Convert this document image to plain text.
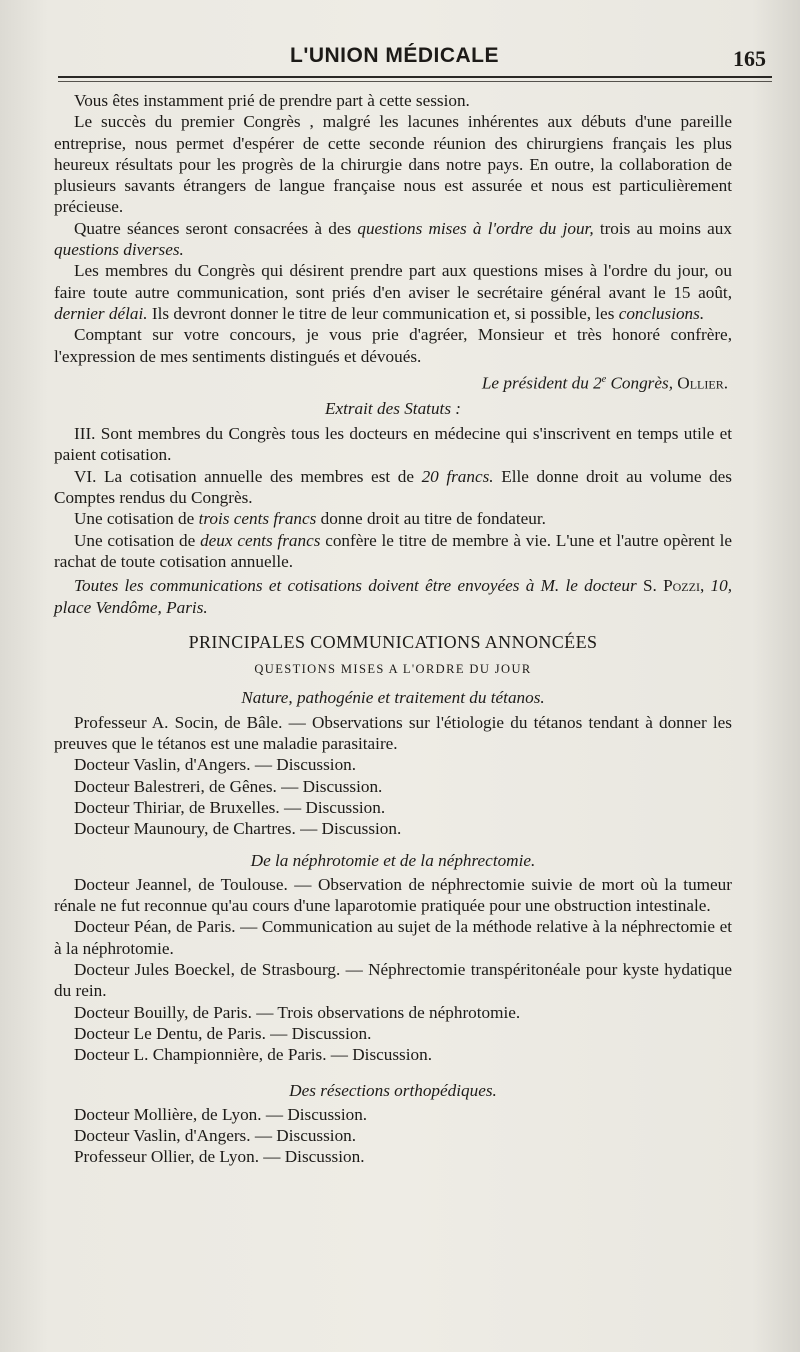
L'UNION MÉDICALE	165

Vous êtes instamment prié de prendre part à cette session.

Le succès du premier Congrès , malgré les lacunes inhérentes aux débuts d'une pareille entreprise, nous permet d'espérer de cette seconde réunion des chirurgiens français les plus heureux résultats pour les progrès de la chirurgie dans notre pays. En outre, la collaboration de plusieurs savants étrangers de langue française nous est assurée et nous est particulièrement précieuse.

Quatre séances seront consacrées à des questions mises à l'ordre du jour, trois au moins aux questions diverses.

Les membres du Congrès qui désirent prendre part aux questions mises à l'ordre du jour, ou faire toute autre communication, sont priés d'en aviser le secrétaire général avant le 15 août, dernier délai. Ils devront donner le titre de leur communication et, si possible, les conclusions.

Comptant sur votre concours, je vous prie d'agréer, Monsieur et très honoré confrère, l'expression de mes sentiments distingués et dévoués.

Le président du 2e Congrès, Ollier.

Extrait des Statuts :

III. Sont membres du Congrès tous les docteurs en médecine qui s'inscrivent en temps utile et paient cotisation.

VI. La cotisation annuelle des membres est de 20 francs. Elle donne droit au volume des Comptes rendus du Congrès.

Une cotisation de trois cents francs donne droit au titre de fondateur.

Une cotisation de deux cents francs confère le titre de membre à vie. L'une et l'autre opèrent le rachat de toute cotisation annuelle.

Toutes les communications et cotisations doivent être envoyées à M. le docteur S. Pozzi, 10, place Vendôme, Paris.

PRINCIPALES COMMUNICATIONS ANNONCÉES

QUESTIONS MISES A L'ORDRE DU JOUR

Nature, pathogénie et traitement du tétanos.

Professeur A. Socin, de Bâle. — Observations sur l'étiologie du tétanos tendant à donner les preuves que le tétanos est une maladie parasitaire.

Docteur Vaslin, d'Angers. — Discussion.

Docteur Balestreri, de Gênes. — Discussion.

Docteur Thiriar, de Bruxelles. — Discussion.

Docteur Maunoury, de Chartres. — Discussion.

De la néphrotomie et de la néphrectomie.

Docteur Jeannel, de Toulouse. — Observation de néphrectomie suivie de mort où la tumeur rénale ne fut reconnue qu'au cours d'une laparotomie pratiquée pour une obstruction intestinale.

Docteur Péan, de Paris. — Communication au sujet de la méthode relative à la néphrectomie et à la néphrotomie.

Docteur Jules Boeckel, de Strasbourg. — Néphrectomie transpéritonéale pour kyste hydatique du rein.

Docteur Bouilly, de Paris. — Trois observations de néphrotomie.

Docteur Le Dentu, de Paris. — Discussion.

Docteur L. Championnière, de Paris. — Discussion.

Des résections orthopédiques.

Docteur Mollière, de Lyon. — Discussion.

Docteur Vaslin, d'Angers. — Discussion.

Professeur Ollier, de Lyon. — Discussion.
